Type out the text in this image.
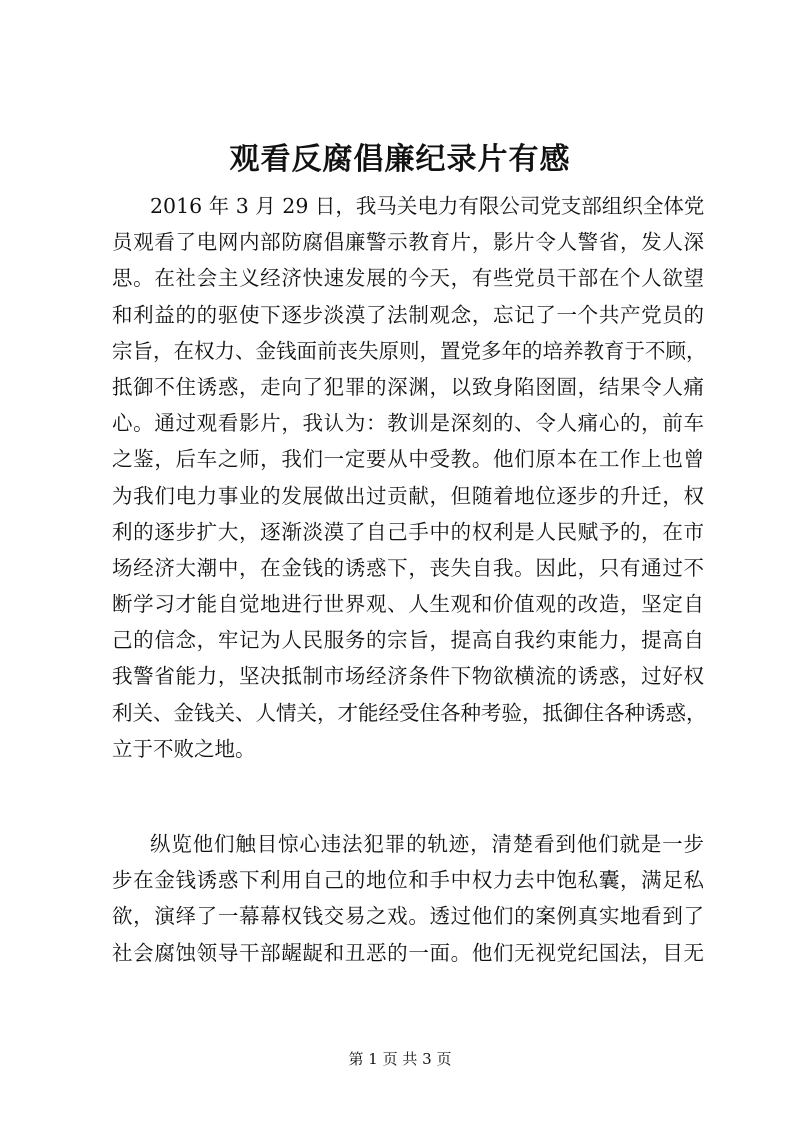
观看反腐倡廉纪录片有感
2016 年 3 月 29 日，我马关电力有限公司党支部组织全体党
员观看了电网内部防腐倡廉警示教育片，影片令人警省，发人深
思。在社会主义经济快速发展的今天，有些党员干部在个人欲望
和利益的的驱使下逐步淡漠了法制观念，忘记了一个共产党员的
宗旨，在权力、金钱面前丧失原则，置党多年的培养教育于不顾，
抵御不住诱惑，走向了犯罪的深渊，以致身陷囹圄，结果令人痛
心。通过观看影片，我认为：教训是深刻的、令人痛心的，前车
之鉴，后车之师，我们一定要从中受教。他们原本在工作上也曾
为我们电力事业的发展做出过贡献，但随着地位逐步的升迁，权
利的逐步扩大，逐渐淡漠了自己手中的权利是人民赋予的，在市
场经济大潮中，在金钱的诱惑下，丧失自我。因此，只有通过不
断学习才能自觉地进行世界观、人生观和价值观的改造，坚定自
己的信念，牢记为人民服务的宗旨，提高自我约束能力，提高自
我警省能力，坚决抵制市场经济条件下物欲横流的诱惑，过好权
利关、金钱关、人情关，才能经受住各种考验，抵御住各种诱惑，
立于不败之地。
纵览他们触目惊心违法犯罪的轨迹，清楚看到他们就是一步
步在金钱诱惑下利用自己的地位和手中权力去中饱私囊，满足私
欲，演绎了一幕幕权钱交易之戏。透过他们的案例真实地看到了
社会腐蚀领导干部龌龊和丑恶的一面。他们无视党纪国法，目无
第 1 页 共 3 页
